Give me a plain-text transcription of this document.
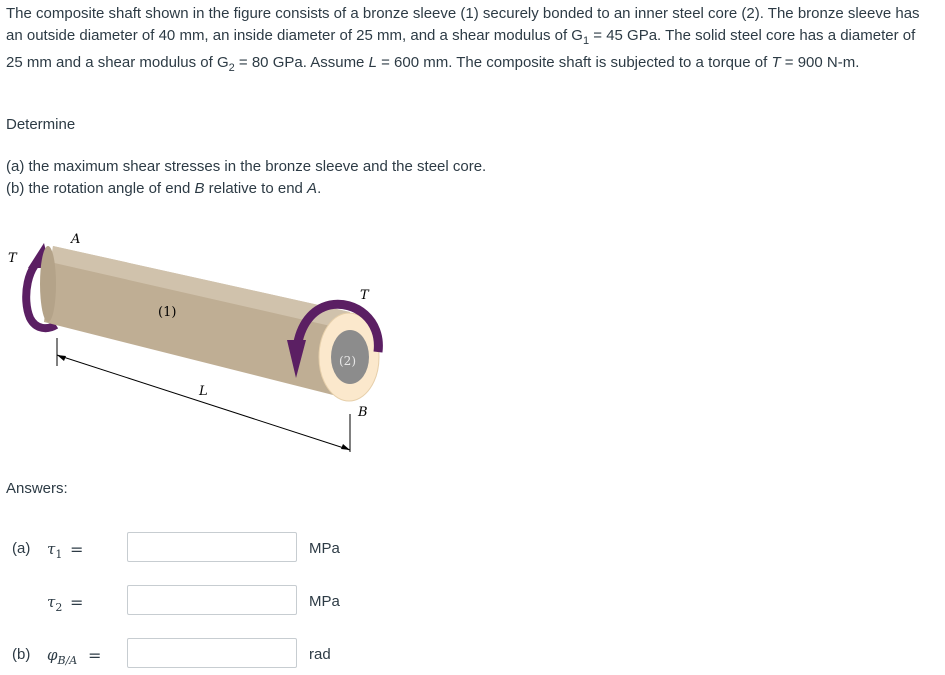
The composite shaft shown in the figure consists of a bronze sleeve (1) securely bonded to an inner steel core (2). The bronze sleeve has an outside diameter of 40 mm, an inside diameter of 25 mm, and a shear modulus of $G_1 = 45$ GPa. The solid steel core has a diameter of 25 mm and a shear modulus of $G_2 = 80$ GPa. Assume L = 600 mm. The composite shaft is subjected to a torque of T = 900 N-m.
Determine
(a) the maximum shear stresses in the bronze sleeve and the steel core.
(b) the rotation angle of end B relative to end A.
T
A
(1)
T
(2)
L
B
Answers:
(a) $\tau_1$ =	MPa
$\tau_2$ =	MPa
(b) $\varphi_{B/A}$ =	rad
